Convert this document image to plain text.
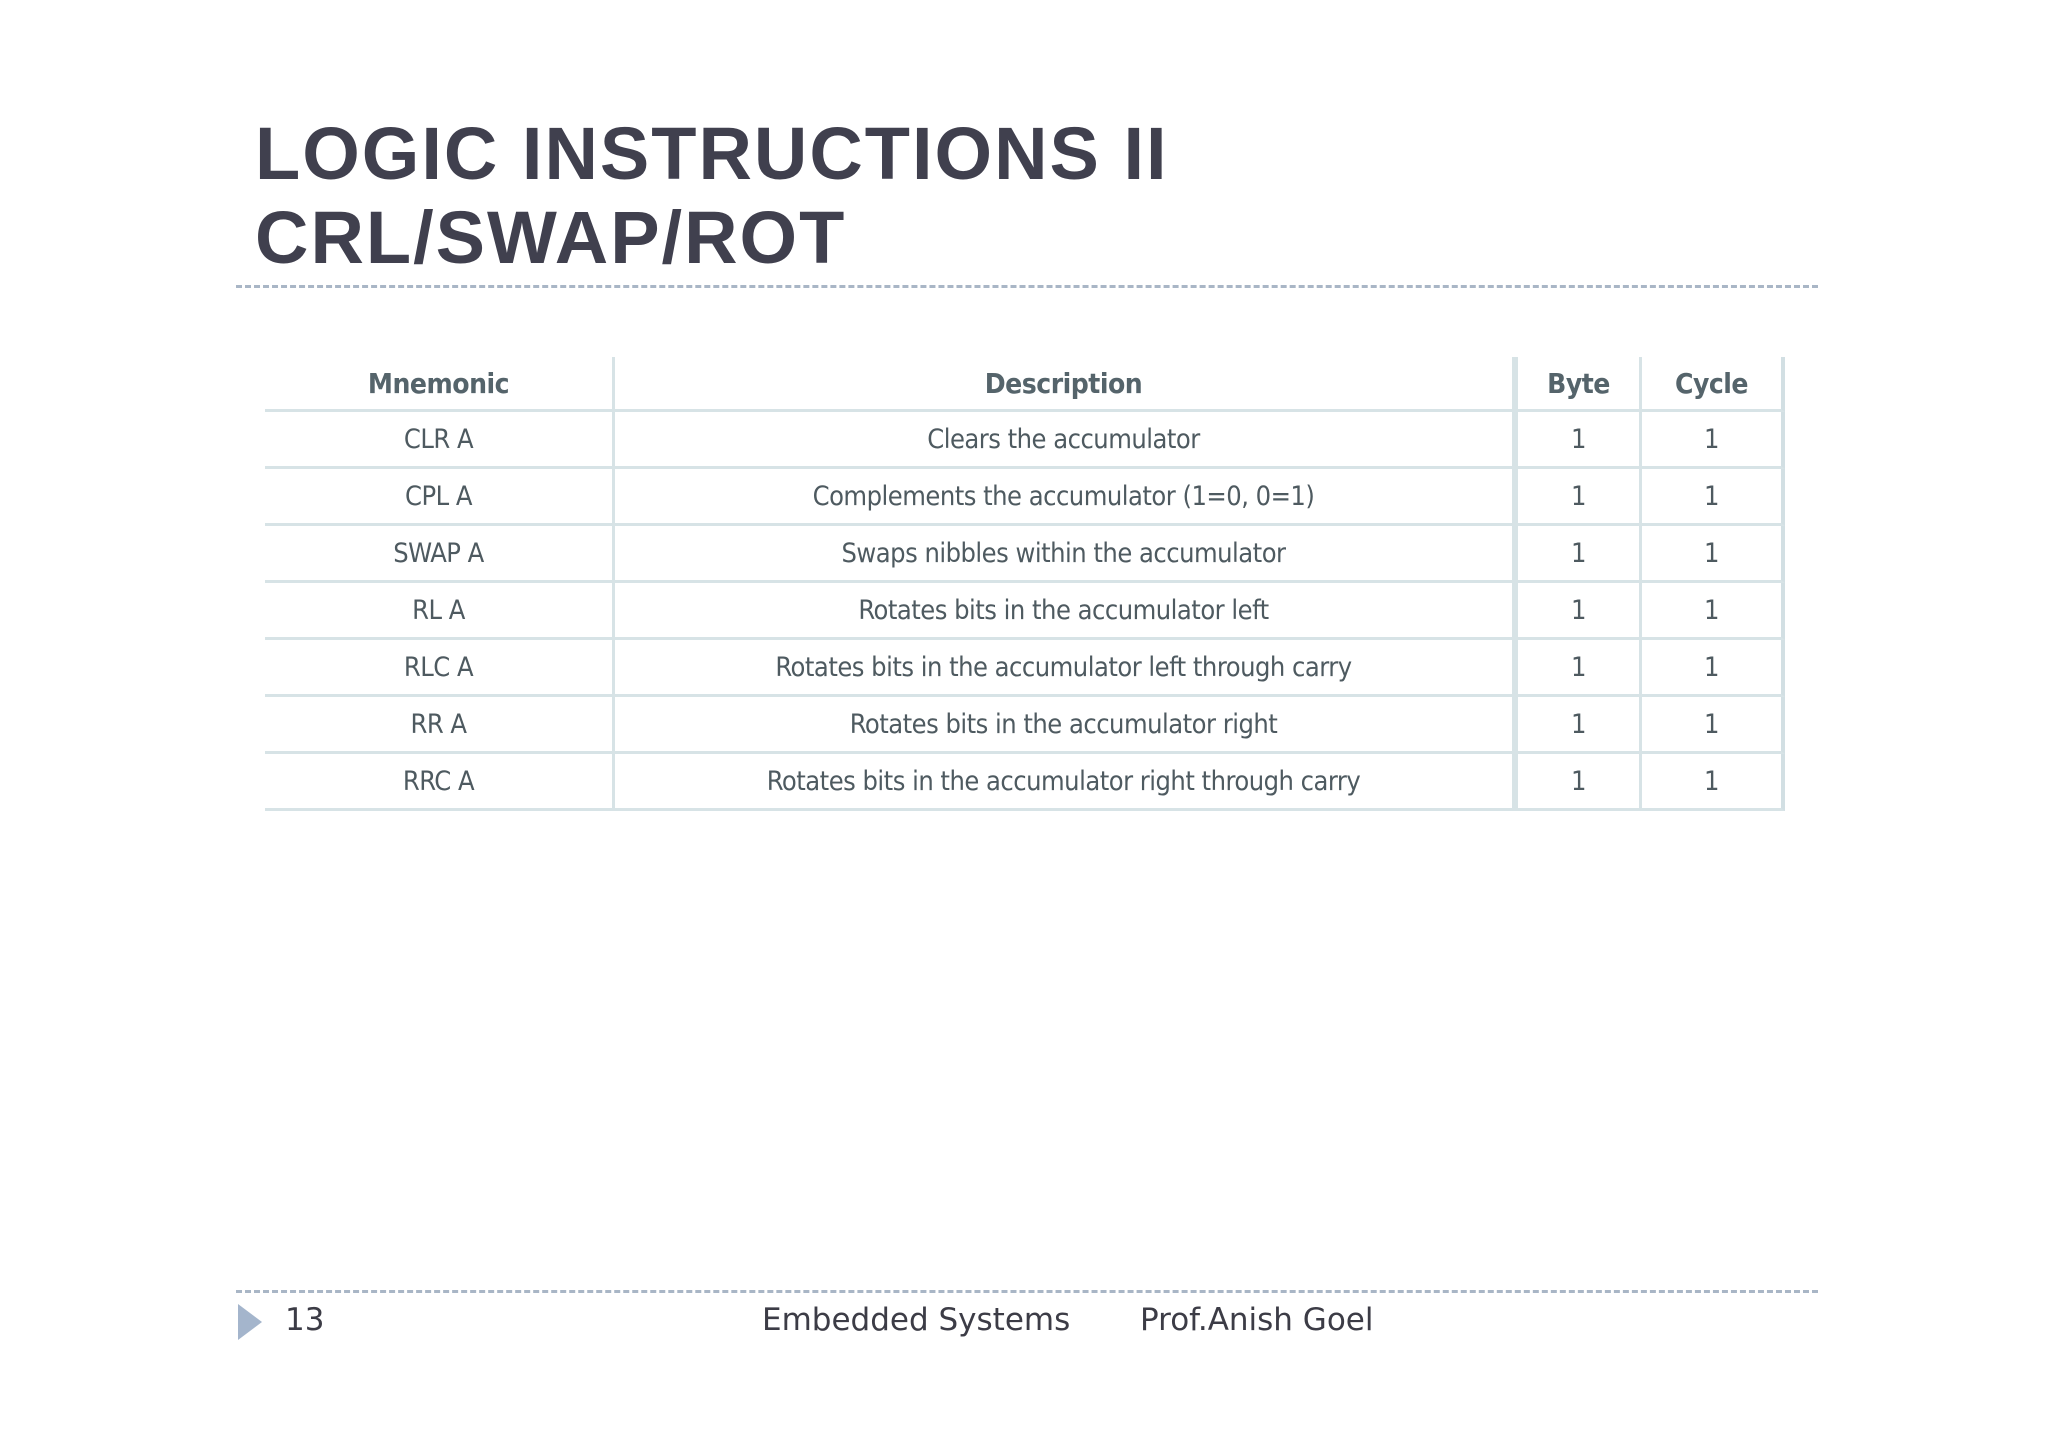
LOGIC INSTRUCTIONS II
CRL/SWAP/ROT
Mnemonic	Description	Byte	Cycle
CLR A	Clears the accumulator	1	1
CPL A	Complements the accumulator (1=0, 0=1)	1	1
SWAP A	Swaps nibbles within the accumulator	1	1
RL A	Rotates bits in the accumulator left	1	1
RLC A	Rotates bits in the accumulator left through carry	1	1
RR A	Rotates bits in the accumulator right	1	1
RRC A	Rotates bits in the accumulator right through carry	1	1
13	Embedded Systems Prof.Anish Goel
